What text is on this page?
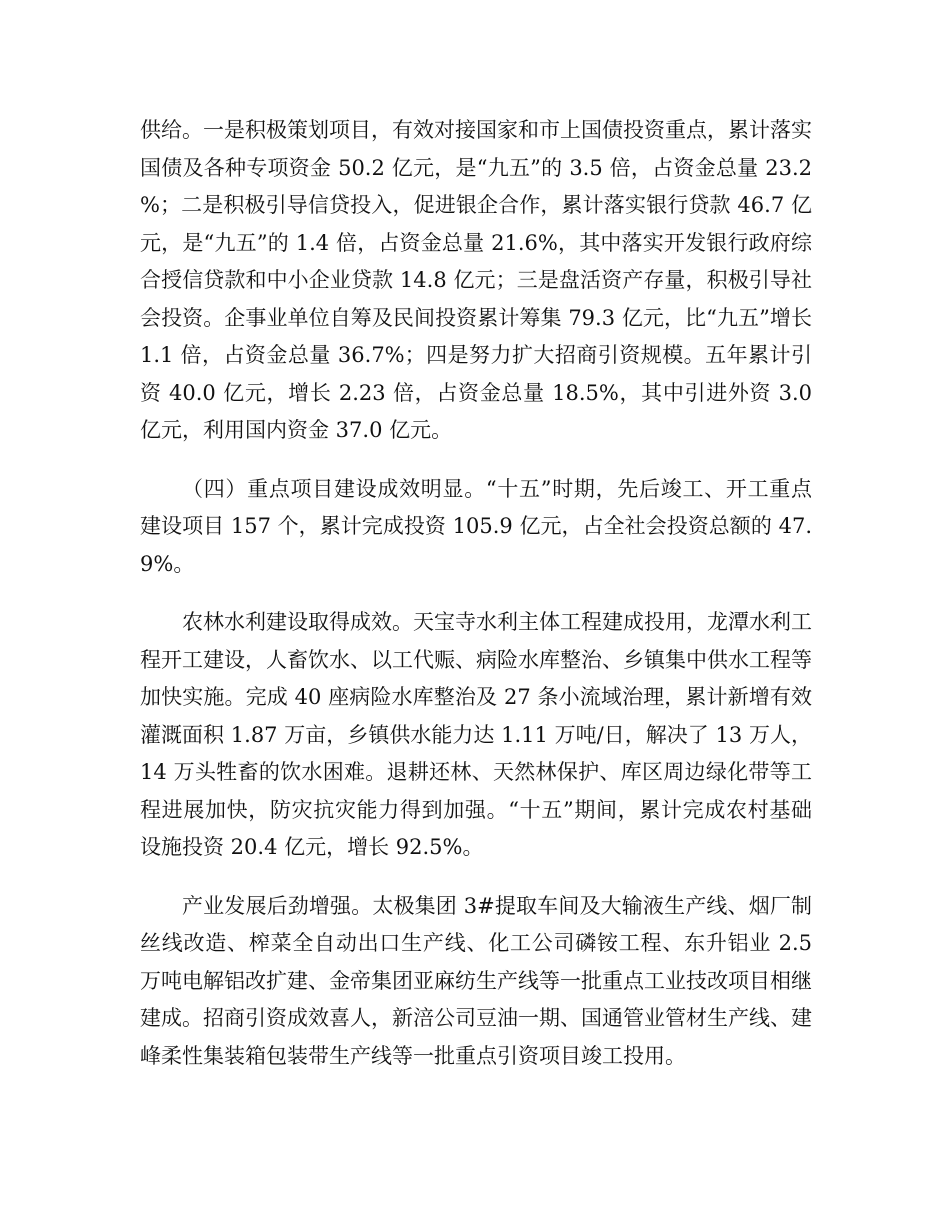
供给。一是积极策划项目，有效对接国家和市上国债投资重点，累计落实国债及各种专项资金 50.2 亿元，是“九五”的 3.5 倍，占资金总量 23.2%；二是积极引导信贷投入，促进银企合作，累计落实银行贷款 46.7 亿元，是“九五”的 1.4 倍，占资金总量 21.6%，其中落实开发银行政府综合授信贷款和中小企业贷款 14.8 亿元；三是盘活资产存量，积极引导社会投资。企事业单位自筹及民间投资累计筹集 79.3 亿元，比“九五”增长 1.1 倍，占资金总量 36.7%；四是努力扩大招商引资规模。五年累计引资 40.0 亿元，增长 2.23 倍，占资金总量 18.5%，其中引进外资 3.0 亿元，利用国内资金 37.0 亿元。

（四）重点项目建设成效明显。“十五”时期，先后竣工、开工重点建设项目 157 个，累计完成投资 105.9 亿元，占全社会投资总额的 47.9%。

农林水利建设取得成效。天宝寺水利主体工程建成投用，龙潭水利工程开工建设，人畜饮水、以工代赈、病险水库整治、乡镇集中供水工程等加快实施。完成 40 座病险水库整治及 27 条小流域治理，累计新增有效灌溉面积 1.87 万亩，乡镇供水能力达 1.11 万吨/日，解决了 13 万人，14 万头牲畜的饮水困难。退耕还林、天然林保护、库区周边绿化带等工程进展加快，防灾抗灾能力得到加强。“十五”期间，累计完成农村基础设施投资 20.4 亿元，增长 92.5%。

产业发展后劲增强。太极集团 3#提取车间及大输液生产线、烟厂制丝线改造、榨菜全自动出口生产线、化工公司磷铵工程、东升铝业 2.5 万吨电解铝改扩建、金帝集团亚麻纺生产线等一批重点工业技改项目相继建成。招商引资成效喜人，新涪公司豆油一期、国通管业管材生产线、建峰柔性集装箱包装带生产线等一批重点引资项目竣工投用。
